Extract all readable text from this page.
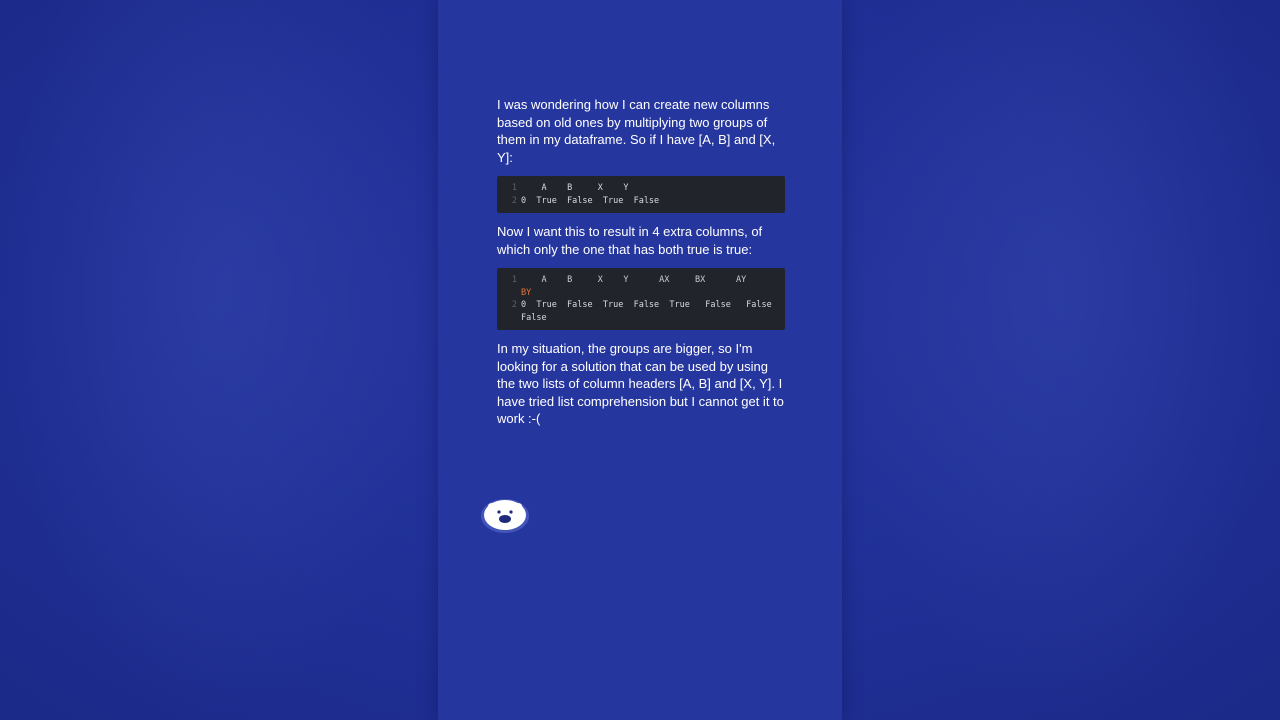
I was wondering how I can create new columns based on old ones by multiplying two groups of them in my dataframe. So if I have [A, B] and [X, Y]:

1 A    B     X    Y
2 0  True  False  True  False

Now I want this to result in 4 extra columns, of which only the one that has both true is true:

1 A    B     X    Y      AX     BX      AY
BY
2 0  True  False  True  False  True   False   False
False

In my situation, the groups are bigger, so I'm looking for a solution that can be used by using the two lists of column headers [A, B] and [X, Y]. I have tried list comprehension but I cannot get it to work :-(
